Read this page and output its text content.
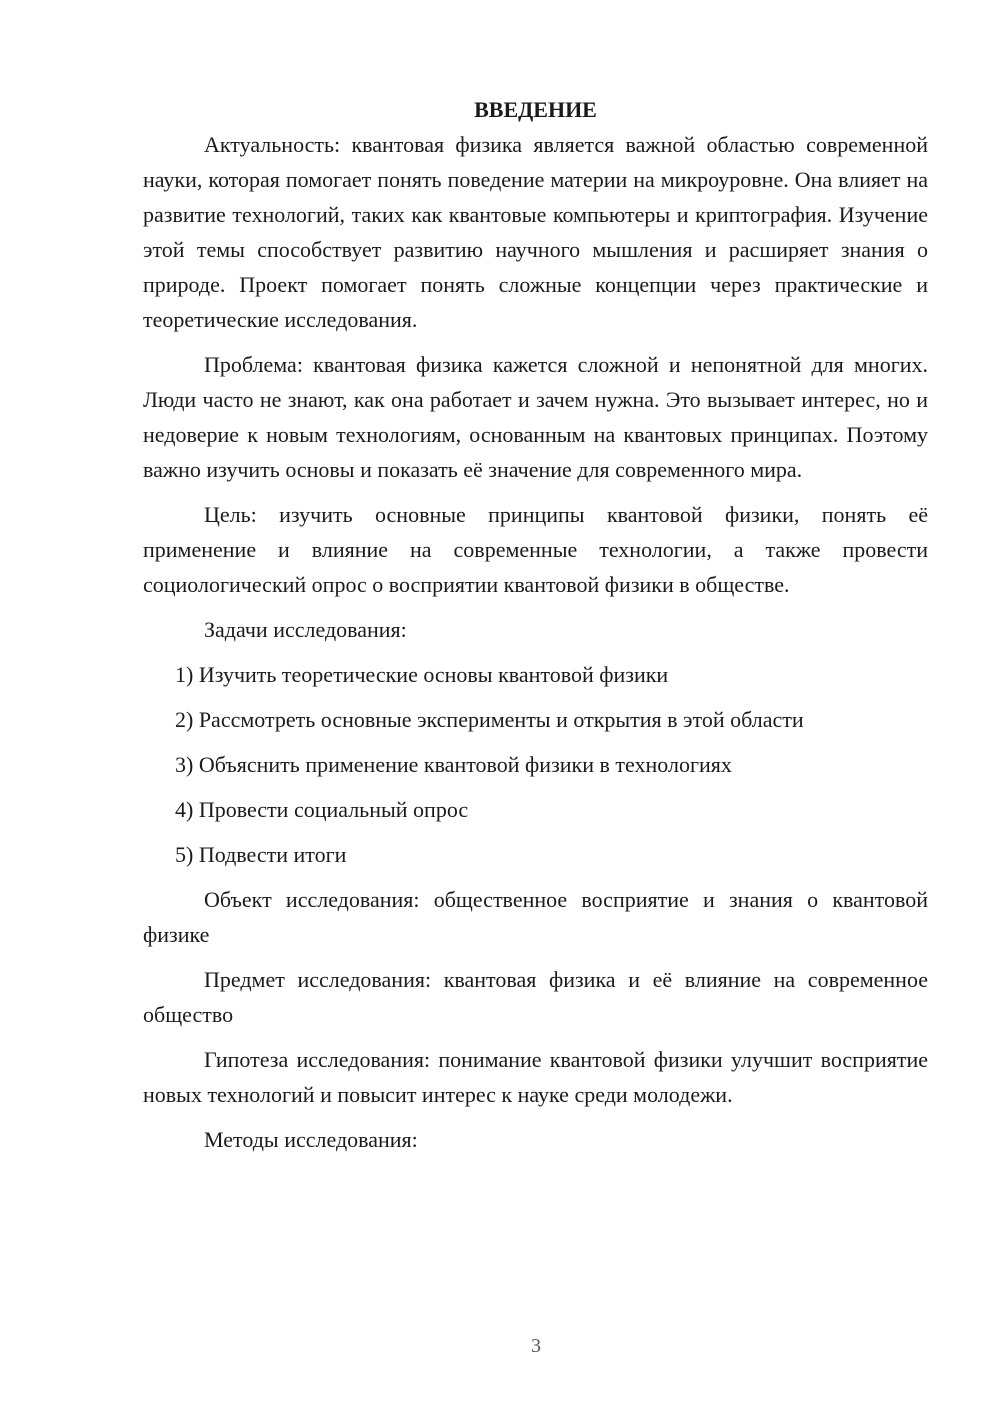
ВВЕДЕНИЕ

Актуальность: квантовая физика является важной областью современной науки, которая помогает понять поведение материи на микроуровне. Она влияет на развитие технологий, таких как квантовые компьютеры и криптография. Изучение этой темы способствует развитию научного мышления и расширяет знания о природе. Проект помогает понять сложные концепции через практические и теоретические исследования.

Проблема: квантовая физика кажется сложной и непонятной для многих. Люди часто не знают, как она работает и зачем нужна. Это вызывает интерес, но и недоверие к новым технологиям, основанным на квантовых принципах. Поэтому важно изучить основы и показать её значение для современного мира.

Цель: изучить основные принципы квантовой физики, понять её применение и влияние на современные технологии, а также провести социологический опрос о восприятии квантовой физики в обществе.

Задачи исследования:

1) Изучить теоретические основы квантовой физики
2) Рассмотреть основные эксперименты и открытия в этой области
3) Объяснить применение квантовой физики в технологиях
4) Провести социальный опрос
5) Подвести итоги

Объект исследования: общественное восприятие и знания о квантовой физике

Предмет исследования: квантовая физика и её влияние на современное общество

Гипотеза исследования: понимание квантовой физики улучшит восприятие новых технологий и повысит интерес к науке среди молодежи.

Методы исследования:

3
